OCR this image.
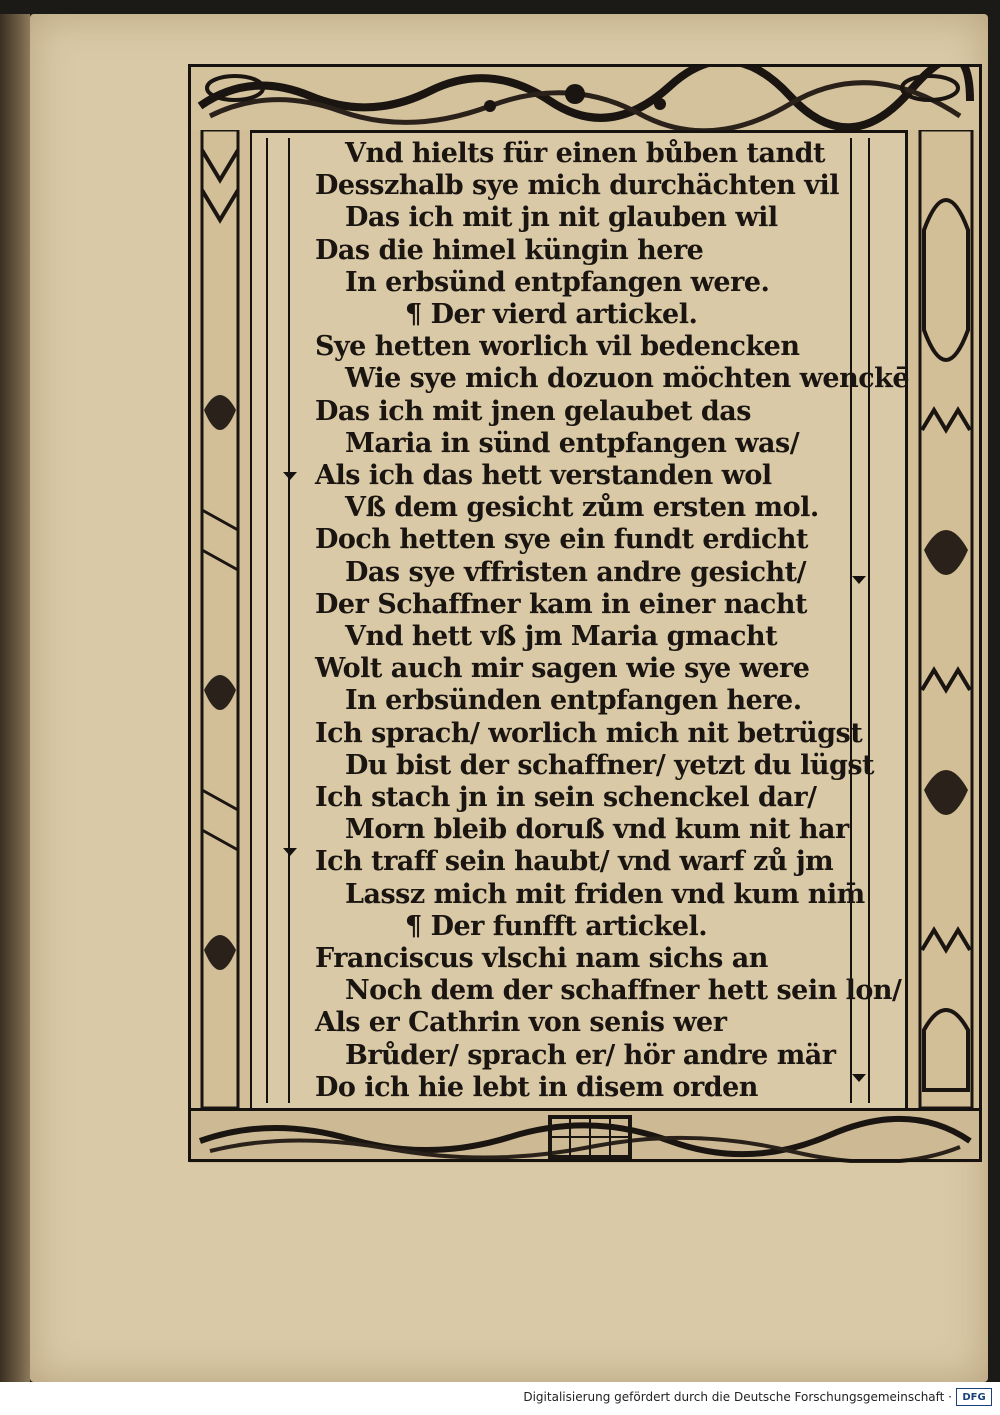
Vnd hielts für einen bůben tandt
Desszhalb sye mich durchächten vil
Das ich mit jn nit glauben wil
Das die himel küngin here
In erbsünd entpfangen were.
¶ Der vierd artickel.
Sye hetten worlich vil bedencken
Wie sye mich dozuon möchten wenckē
Das ich mit jnen gelaubet das
Maria in sünd entpfangen was/
Als ich das hett verstanden wol
Vß dem gesicht zům ersten mol.
Doch hetten sye ein fundt erdicht
Das sye vffristen andre gesicht/
Der Schaffner kam in einer nacht
Vnd hett vß jm Maria gmacht
Wolt auch mir sagen wie sye were
In erbsünden entpfangen here.
Ich sprach/ worlich mich nit betrügst
Du bist der schaffner/ yetzt du lügst
Ich stach jn in sein schenckel dar/
Morn bleib doruß vnd kum nit har
Ich traff sein haubt/ vnd warf zů jm
Lassz mich mit friden vnd kum nim̄
¶ Der funfft artickel.
Franciscus vlschi nam sichs an
Noch dem der schaffner hett sein lon/
Als er Cathrin von senis wer
Brůder/ sprach er/ hör andre mär
Do ich hie lebt in disem orden
Digitalisierung gefördert durch die Deutsche Forschungsgemeinschaft ·	DFG
